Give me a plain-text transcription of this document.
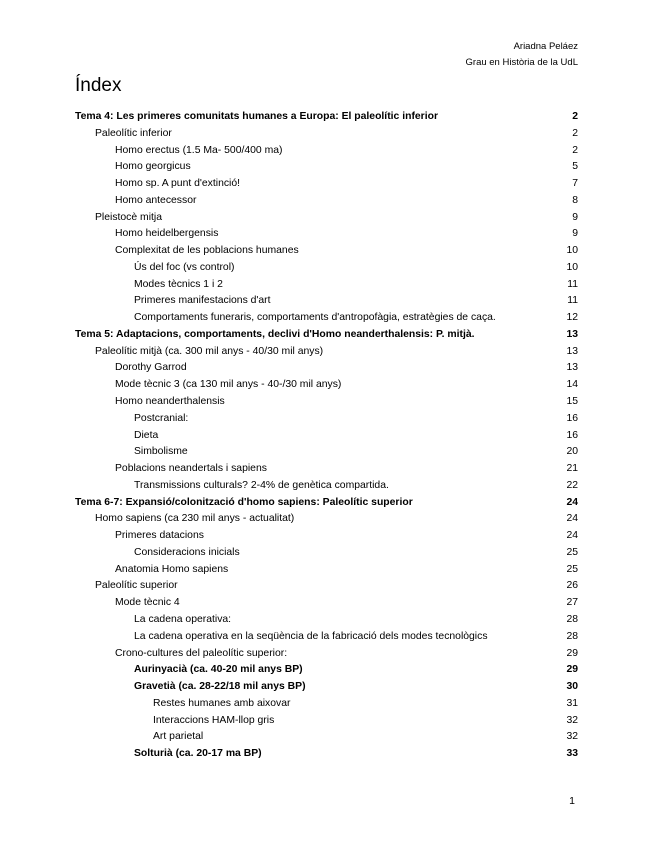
Ariadna Peláez
Grau en Història de la UdL
Índex
Tema 4: Les primeres comunitats humanes a Europa: El paleolític inferior	2
Paleolític inferior	2
Homo erectus (1.5 Ma- 500/400 ma)	2
Homo georgicus	5
Homo sp. A punt d'extinció!	7
Homo antecessor	8
Pleistocè mitja	9
Homo heidelbergensis	9
Complexitat de les poblacions humanes	10
Ús del foc (vs control)	10
Modes tècnics 1 i 2	11
Primeres manifestacions d'art	11
Comportaments funeraris, comportaments d'antropofàgia, estratègies de caça.	12
Tema 5: Adaptacions, comportaments, declivi d'Homo neanderthalensis: P. mitjà.	13
Paleolític mitjà (ca. 300 mil anys - 40/30 mil anys)	13
Dorothy Garrod	13
Mode tècnic 3 (ca 130 mil anys - 40-/30 mil anys)	14
Homo neanderthalensis	15
Postcranial:	16
Dieta	16
Simbolisme	20
Poblacions neandertals i sapiens	21
Transmissions culturals? 2-4% de genètica compartida.	22
Tema 6-7: Expansió/colonització d'homo sapiens: Paleolític superior	24
Homo sapiens (ca 230 mil anys - actualitat)	24
Primeres datacions	24
Consideracions inicials	25
Anatomia Homo sapiens	25
Paleolític superior	26
Mode tècnic 4	27
La cadena operativa:	28
La cadena operativa en la seqüència de la fabricació dels modes tecnològics	28
Crono-cultures del paleolític superior:	29
Aurinyacià (ca. 40-20 mil anys BP)	29
Gravetià (ca. 28-22/18 mil anys BP)	30
Restes humanes amb aixovar	31
Interaccions HAM-llop gris	32
Art parietal	32
Solturià (ca. 20-17 ma BP)	33
1
